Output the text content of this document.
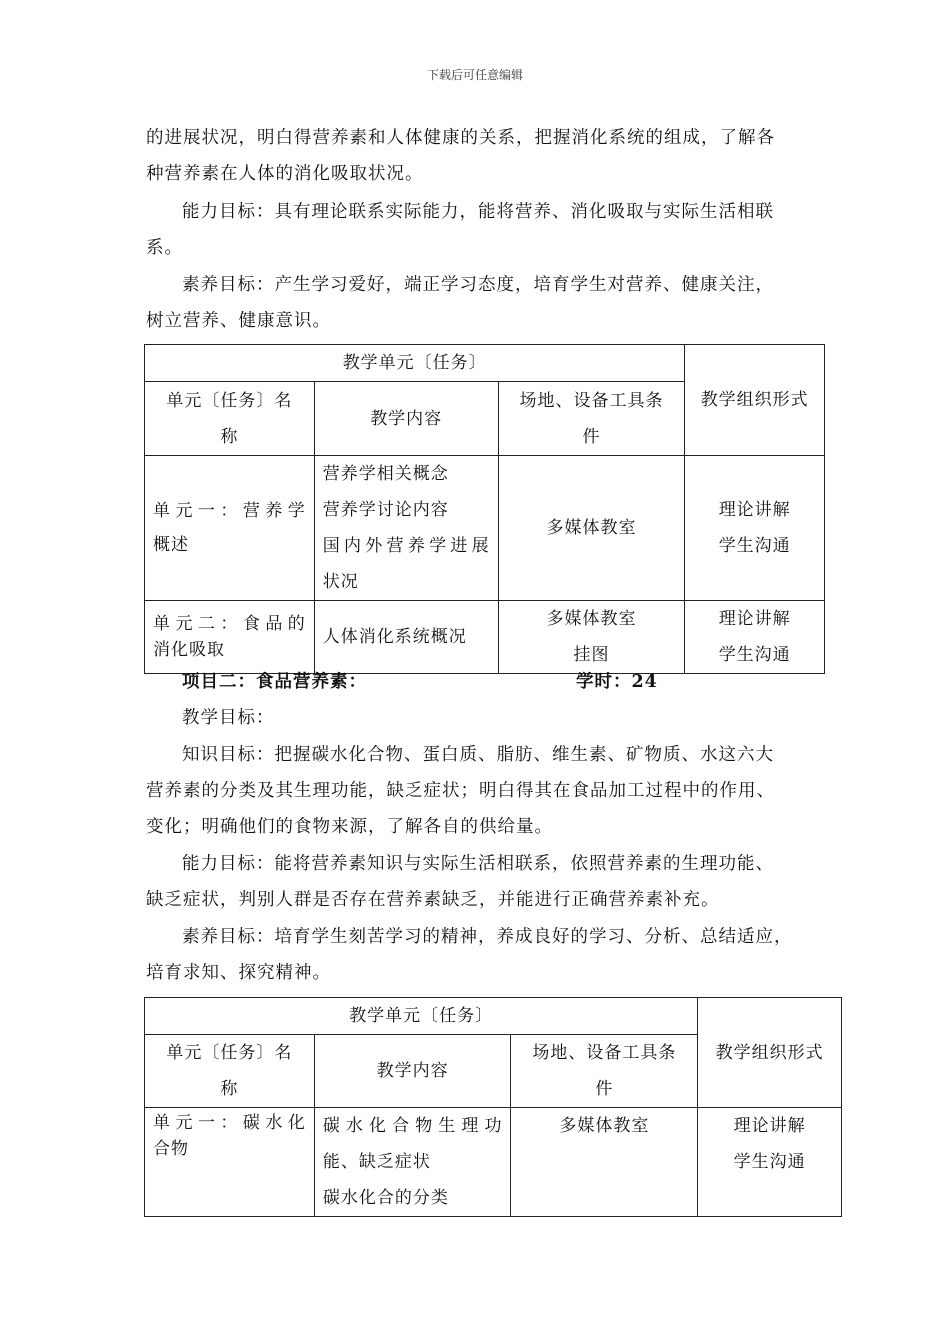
下载后可任意编辑
的进展状况，明白得营养素和人体健康的关系，把握消化系统的组成，了解各
种营养素在人体的消化吸取状况。
能力目标：具有理论联系实际能力，能将营养、消化吸取与实际生活相联
系。
素养目标：产生学习爱好，端正学习态度，培育学生对营养、健康关注，
树立营养、健康意识。
教学单元〔任务〕			教学组织形式

单元〔任务〕名
称	教学内容	场地、设备工具条
件	

单元一：营养学
概述	营养学相关概念
营养学讨论内容
国内外营养学进展
状况	多媒体教室	理论讲解
学生沟通

单元二：食品的
消化吸取	人体消化系统概况	多媒体教室
挂图	理论讲解
学生沟通
项目二：食品营养素：	学时：24
教学目标：
知识目标：把握碳水化合物、蛋白质、脂肪、维生素、矿物质、水这六大
营养素的分类及其生理功能，缺乏症状；明白得其在食品加工过程中的作用、
变化；明确他们的食物来源，了解各自的供给量。
能力目标：能将营养素知识与实际生活相联系，依照营养素的生理功能、
缺乏症状，判别人群是否存在营养素缺乏，并能进行正确营养素补充。
素养目标：培育学生刻苦学习的精神，养成良好的学习、分析、总结适应，
培育求知、探究精神。
教学单元〔任务〕			教学组织形式

单元〔任务〕名
称	教学内容	场地、设备工具条
件	

单元一：碳水化
合物	碳水化合物生理功
能、缺乏症状
碳水化合的分类	多媒体教室	理论讲解
学生沟通
